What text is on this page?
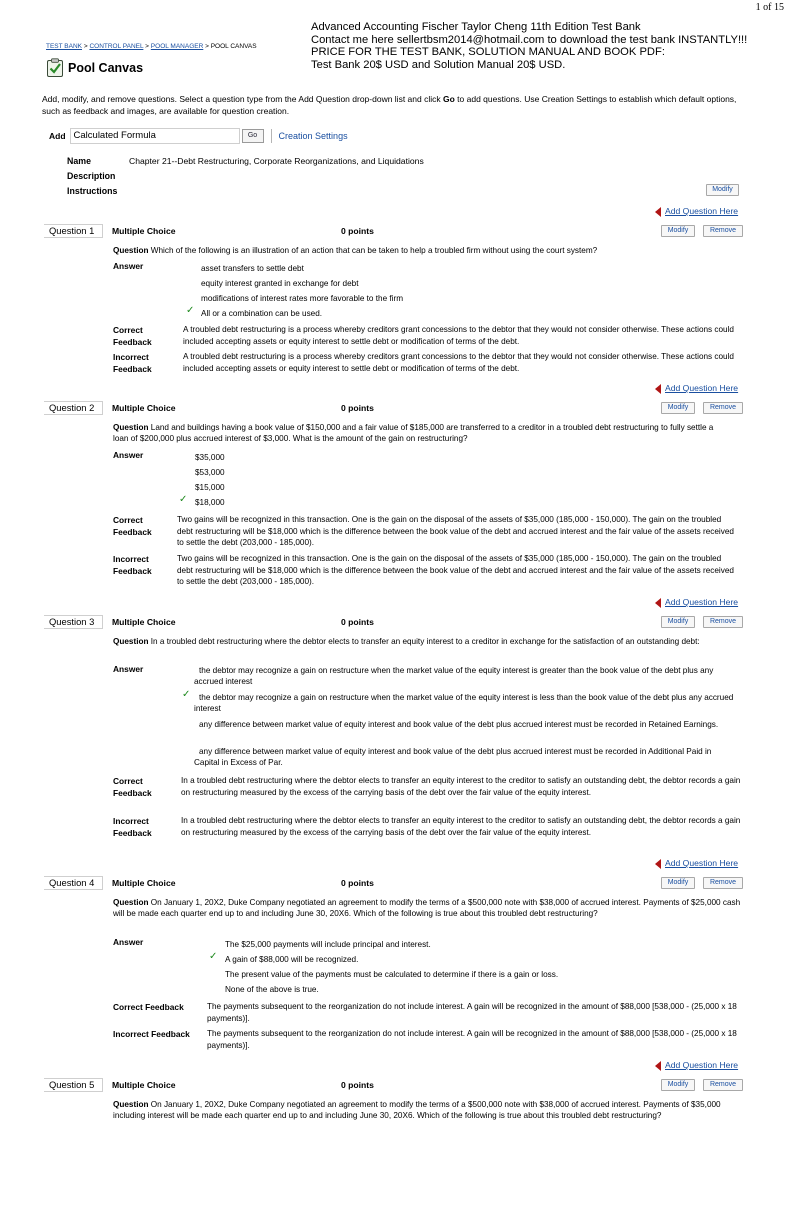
1 of 15
Advanced Accounting Fischer Taylor Cheng 11th Edition Test Bank
Contact me here sellertbsm2014@hotmail.com to download the test bank INSTANTLY!!!
PRICE FOR THE TEST BANK, SOLUTION MANUAL AND BOOK PDF:
Test Bank 20$ USD and Solution Manual 20$ USD.
TEST BANK > CONTROL PANEL > POOL MANAGER > POOL CANVAS
Pool Canvas
Add, modify, and remove questions. Select a question type from the Add Question drop-down list and click Go to add questions. Use Creation Settings to establish which default options, such as feedback and images, are available for question creation.
Add Calculated Formula	Go	Creation Settings
Name	Chapter 21--Debt Restructuring, Corporate Reorganizations, and Liquidations
Description
Instructions	Modify
Add Question Here
Question 1	Multiple Choice	0 points	Modify	Remove
Question Which of the following is an illustration of an action that can be taken to help a troubled firm without using the court system?
Answer	asset transfers to settle debt
equity interest granted in exchange for debt
modifications of interest rates more favorable to the firm
✓ All or a combination can be used.
Correct
Feedback
A troubled debt restructuring is a process whereby creditors grant concessions to the debtor that they would not consider otherwise. These actions could included accepting assets or equity interest to settle debt or modification of terms of the debt.
Incorrect
Feedback
A troubled debt restructuring is a process whereby creditors grant concessions to the debtor that they would not consider otherwise. These actions could included accepting assets or equity interest to settle debt or modification of terms of the debt.
Add Question Here
Question 2	Multiple Choice	0 points	Modify	Remove
Question Land and buildings having a book value of $150,000 and a fair value of $185,000 are transferred to a creditor in a troubled debt restructuring to fully settle a loan of $200,000 plus accrued interest of $3,000. What is the amount of the gain on restructuring?
Answer	$35,000
$53,000
$15,000
✓ $18,000
Correct
Feedback
Two gains will be recognized in this transaction. One is the gain on the disposal of the assets of $35,000 (185,000 - 150,000). The gain on the troubled debt restructuring will be $18,000 which is the difference between the book value of the debt and accrued interest and the fair value of the assets received to settle the debt (203,000 - 185,000).
Incorrect
Feedback
Two gains will be recognized in this transaction. One is the gain on the disposal of the assets of $35,000 (185,000 - 150,000). The gain on the troubled debt restructuring will be $18,000 which is the difference between the book value of the debt and accrued interest and the fair value of the assets received to settle the debt (203,000 - 185,000).
Add Question Here
Question 3	Multiple Choice	0 points	Modify	Remove
Question In a troubled debt restructuring where the debtor elects to transfer an equity interest to a creditor in exchange for the satisfaction of an outstanding debt:
Answer	the debtor may recognize a gain on restructure when the market value of the equity interest is greater than the book value of the debt plus any accrued interest
✓	the debtor may recognize a gain on restructure when the market value of the equity interest is less than the book value of the debt plus any accrued interest
any difference between market value of equity interest and book value of the debt plus accrued interest must be recorded in Retained Earnings.
any difference between market value of equity interest and book value of the debt plus accrued interest must be recorded in Additional Paid in Capital in Excess of Par.
Correct
Feedback
In a troubled debt restructuring where the debtor elects to transfer an equity interest to the creditor to satisfy an outstanding debt, the debtor records a gain on restructuring measured by the excess of the carrying basis of the debt over the fair value of the equity interest.
Incorrect
Feedback
In a troubled debt restructuring where the debtor elects to transfer an equity interest to the creditor to satisfy an outstanding debt, the debtor records a gain on restructuring measured by the excess of the carrying basis of the debt over the fair value of the equity interest.
Add Question Here
Question 4	Multiple Choice	0 points	Modify	Remove
Question On January 1, 20X2, Duke Company negotiated an agreement to modify the terms of a $500,000 note with $38,000 of accrued interest. Payments of $25,000 cash will be made each quarter end up to and including June 30, 20X6. Which of the following is true about this troubled debt restructuring?
Answer	The $25,000 payments will include principal and interest.
✓ A gain of $88,000 will be recognized.
The present value of the payments must be calculated to determine if there is a gain or loss.
None of the above is true.
Correct Feedback	The payments subsequent to the reorganization do not include interest. A gain will be recognized in the amount of $88,000 [538,000 - (25,000 x 18 payments)].
Incorrect Feedback The payments subsequent to the reorganization do not include interest. A gain will be recognized in the amount of $88,000 [538,000 - (25,000 x 18 payments)].
Add Question Here
Question 5	Multiple Choice	0 points	Modify	Remove
Question On January 1, 20X2, Duke Company negotiated an agreement to modify the terms of a $500,000 note with $38,000 of accrued interest. Payments of $35,000 including interest will be made each quarter end up to and including June 30, 20X6. Which of the following is true about this troubled debt restructuring?
